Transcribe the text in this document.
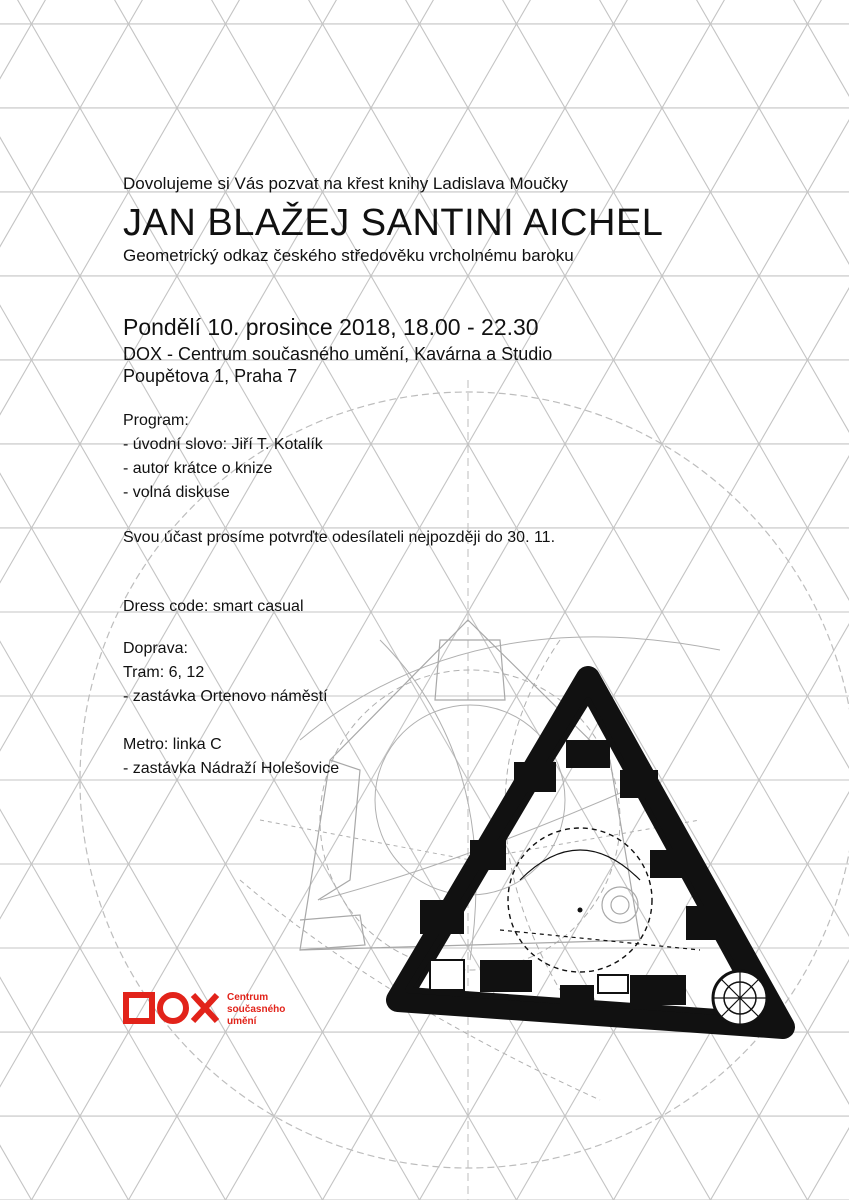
Dovolujeme si Vás pozvat na křest knihy Ladislava Moučky

JAN BLAŽEJ SANTINI AICHEL

Geometrický odkaz českého středověku vrcholnému baroku

Pondělí 10. prosince 2018, 18.00 - 22.30

DOX - Centrum současného umění, Kavárna a Studio

Poupětova 1, Praha 7

Program:
- úvodní slovo: Jiří T. Kotalík
- autor krátce o knize
- volná diskuse
Svou účast prosíme potvrďte odesílateli nejpozději do 30. 11.
Dress code: smart casual
Doprava:
Tram: 6, 12
- zastávka Ortenovo náměstí
Metro: linka C
- zastávka Nádraží Holešovice
Centrum
současného
umění
